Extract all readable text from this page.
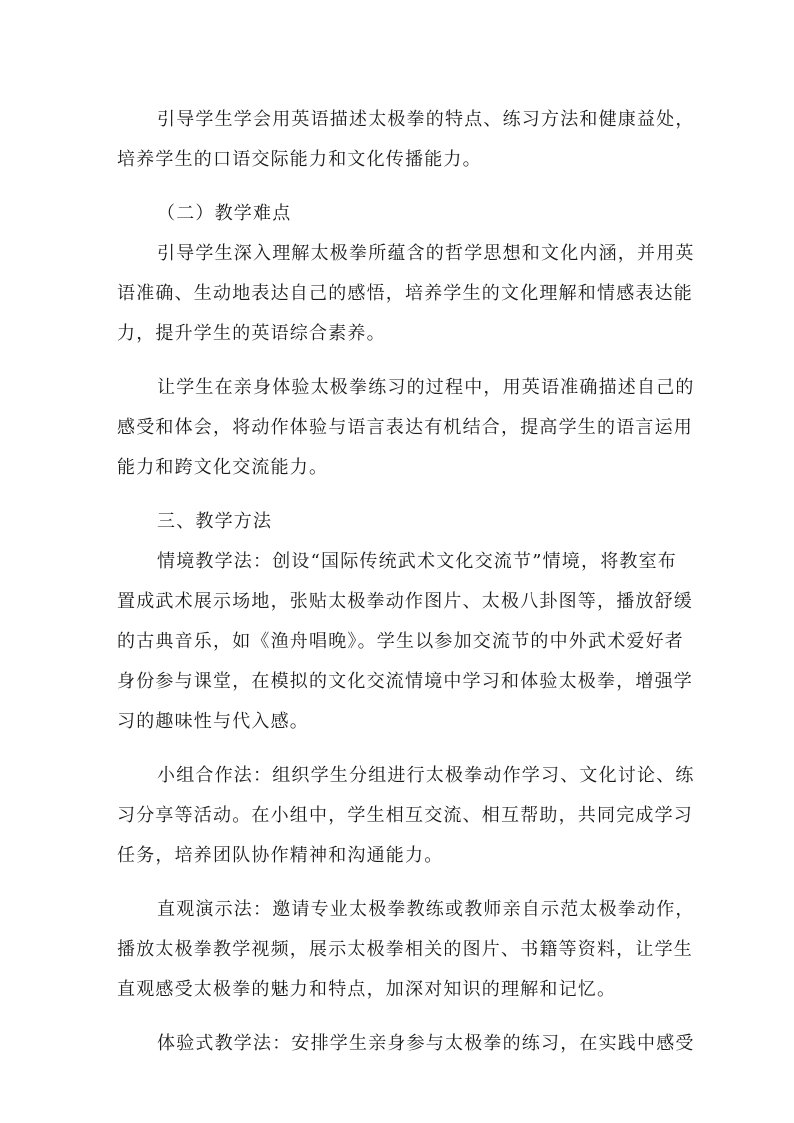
引导学生学会用英语描述太极拳的特点、练习方法和健康益处，
培养学生的口语交际能力和文化传播能力。
（二）教学难点
引导学生深入理解太极拳所蕴含的哲学思想和文化内涵，并用英
语准确、生动地表达自己的感悟，培养学生的文化理解和情感表达能
力，提升学生的英语综合素养。
让学生在亲身体验太极拳练习的过程中，用英语准确描述自己的
感受和体会，将动作体验与语言表达有机结合，提高学生的语言运用
能力和跨文化交流能力。
三、教学方法
情境教学法：创设“国际传统武术文化交流节”情境，将教室布
置成武术展示场地，张贴太极拳动作图片、太极八卦图等，播放舒缓
的古典音乐，如《渔舟唱晚》。学生以参加交流节的中外武术爱好者
身份参与课堂，在模拟的文化交流情境中学习和体验太极拳，增强学
习的趣味性与代入感。
小组合作法：组织学生分组进行太极拳动作学习、文化讨论、练
习分享等活动。在小组中，学生相互交流、相互帮助，共同完成学习
任务，培养团队协作精神和沟通能力。
直观演示法：邀请专业太极拳教练或教师亲自示范太极拳动作，
播放太极拳教学视频，展示太极拳相关的图片、书籍等资料，让学生
直观感受太极拳的魅力和特点，加深对知识的理解和记忆。
体验式教学法：安排学生亲身参与太极拳的练习，在实践中感受
